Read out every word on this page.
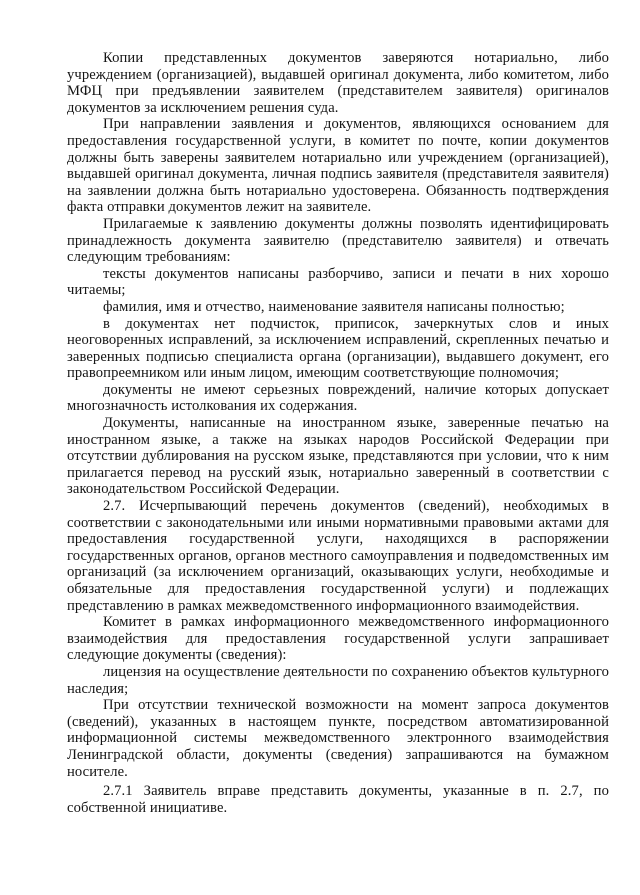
Копии представленных документов заверяются нотариально, либо учреждением (организацией), выдавшей оригинал документа, либо комитетом, либо МФЦ при предъявлении заявителем (представителем заявителя) оригиналов документов за исключением решения суда.

При направлении заявления и документов, являющихся основанием для предоставления государственной услуги, в комитет по почте, копии документов должны быть заверены заявителем нотариально или учреждением (организацией), выдавшей оригинал документа, личная подпись заявителя (представителя заявителя) на заявлении должна быть нотариально удостоверена. Обязанность подтверждения факта отправки документов лежит на заявителе.

Прилагаемые к заявлению документы должны позволять идентифицировать принадлежность документа заявителю (представителю заявителя) и отвечать следующим требованиям:

тексты документов написаны разборчиво, записи и печати в них хорошо читаемы;

фамилия, имя и отчество, наименование заявителя написаны полностью;

в документах нет подчисток, приписок, зачеркнутых слов и иных неоговоренных исправлений, за исключением исправлений, скрепленных печатью и заверенных подписью специалиста органа (организации), выдавшего документ, его правопреемником или иным лицом, имеющим соответствующие полномочия;

документы не имеют серьезных повреждений, наличие которых допускает многозначность истолкования их содержания.

Документы, написанные на иностранном языке, заверенные печатью на иностранном языке, а также на языках народов Российской Федерации при отсутствии дублирования на русском языке, представляются при условии, что к ним прилагается перевод на русский язык, нотариально заверенный в соответствии с законодательством Российской Федерации.

2.7. Исчерпывающий перечень документов (сведений), необходимых в соответствии с законодательными или иными нормативными правовыми актами для предоставления государственной услуги, находящихся в распоряжении государственных органов, органов местного самоуправления и подведомственных им организаций (за исключением организаций, оказывающих услуги, необходимые и обязательные для предоставления государственной услуги) и подлежащих представлению в рамках межведомственного информационного взаимодействия.

Комитет в рамках информационного межведомственного информационного взаимодействия для предоставления государственной услуги запрашивает следующие документы (сведения):

лицензия на осуществление деятельности по сохранению объектов культурного наследия;

При отсутствии технической возможности на момент запроса документов (сведений), указанных в настоящем пункте, посредством автоматизированной информационной системы межведомственного электронного взаимодействия Ленинградской области, документы (сведения) запрашиваются на бумажном носителе.

2.7.1 Заявитель вправе представить документы, указанные в п. 2.7, по собственной инициативе.
